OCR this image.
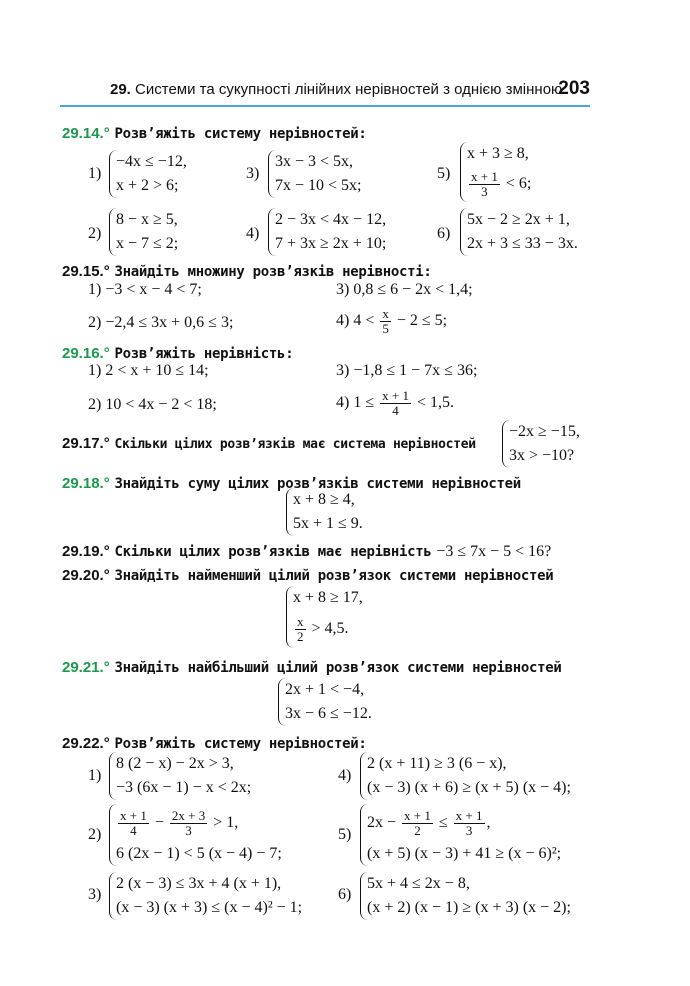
29. Системи та сукупності лінійних нерівностей з однією змінною
203
29.14.° Розв’яжіть систему нерівностей:
1)
−4x ≤ −12,
x + 2 > 6;
3)
3x − 3 < 5x,
7x − 10 < 5x;
5)
x + 3 ≥ 8,
$\frac{x + 1}{3} < 6$;
2)
8 − x ≥ 5,
x − 7 ≤ 2;
4)
2 − 3x < 4x − 12,
7 + 3x ≥ 2x + 10;
6)
5x − 2 ≥ 2x + 1,
2x + 3 ≤ 33 − 3x.
29.15.° Знайдіть множину розв’язків нерівності:
1) −3 < x − 4 < 7;	3) 0,8 ≤ 6 − 2x < 1,4;
2) −2,4 ≤ 3x + 0,6 ≤ 3;	4) $4 < \frac{x}{5} - 2 \le 5$;
29.16.° Розв’яжіть нерівність:
1) 2 < x + 10 ≤ 14;	3) −1,8 ≤ 1 − 7x ≤ 36;
2) 10 < 4x − 2 < 18;	4) $1 \le \frac{x + 1}{4} < 1,5$.
29.17.° Скільки цілих розв’язків має система нерівностей
−2x ≥ −15,
3x > −10?
29.18.° Знайдіть суму цілих розв’язків системи нерівностей
x + 8 ≥ 4,
5x + 1 ≤ 9.
29.19.° Скільки цілих розв’язків має нерівність −3 ≤ 7x − 5 < 16?
29.20.° Знайдіть найменший цілий розв’язок системи нерівностей
x + 8 ≥ 17,
$\frac{x}{2} > 4,5$.
29.21.° Знайдіть найбільший цілий розв’язок системи нерівностей
2x + 1 < −4,
3x − 6 ≤ −12.
29.22.° Розв’яжіть систему нерівностей:
1)
8 (2 − x) − 2x > 3,
−3 (6x − 1) − x < 2x;
4)
2 (x + 11) ≥ 3 (6 − x),
(x − 3) (x + 6) ≥ (x + 5) (x − 4);
$2) \frac{x + 1}{4} - \frac{2x + 3}{3} > 1$,
6 (2x − 1) < 5 (x − 4) − 7;
5)
$2x - \frac{x + 1}{2} \le \frac{x + 1}{3}$ ,
(x + 5) (x − 3) + 41 ≥ (x − 6)²;
3)
2 (x − 3) ≤ 3x + 4 (x + 1),
(x − 3) (x + 3) ≤ (x − 4)² − 1;
6)
5x + 4 ≤ 2x − 8,
(x + 2) (x − 1) ≥ (x + 3) (x − 2);
